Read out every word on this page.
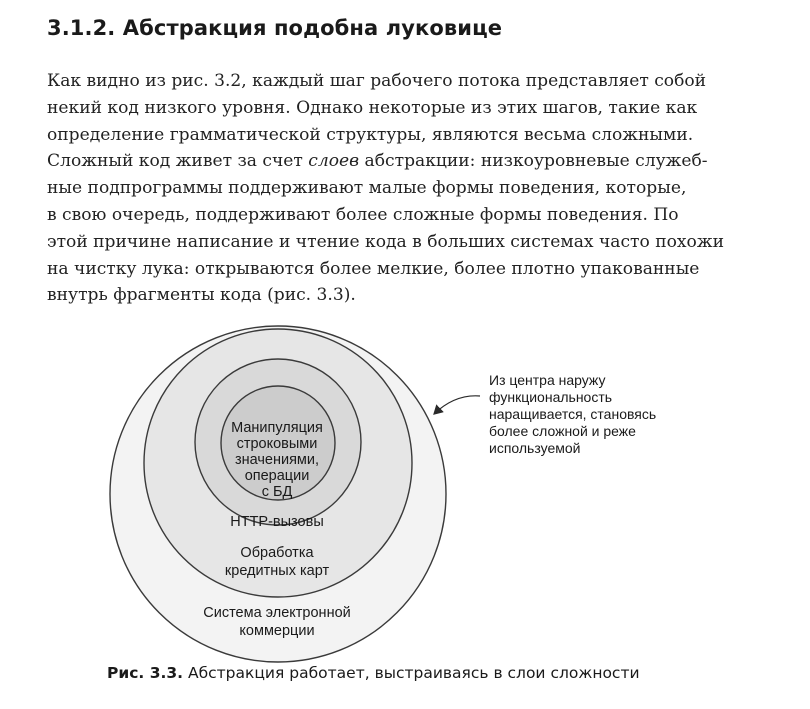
3.1.2. Абстракция подобна луковице
Как видно из рис. 3.2, каждый шаг рабочего потока представляет собой
некий код низкого уровня. Однако некоторые из этих шагов, такие как
определение грамматической структуры, являются весьма сложными.
Сложный код живет за счет слоев абстракции: низкоуровневые служеб-
ные подпрограммы поддерживают малые формы поведения, которые,
в свою очередь, поддерживают более сложные формы поведения. По
этой причине написание и чтение кода в больших системах часто похожи
на чистку лука: открываются более мелкие, более плотно упакованные
внутрь фрагменты кода (рис. 3.3).
Манипуляция
строковыми
значениями,
операции
с БД
HTTP-вызовы
Обработка
кредитных карт
Система электронной
коммерции
Из центра наружу
функциональность
наращивается, становясь
более сложной и реже
используемой
Рис. 3.3. Абстракция работает, выстраиваясь в слои сложности
